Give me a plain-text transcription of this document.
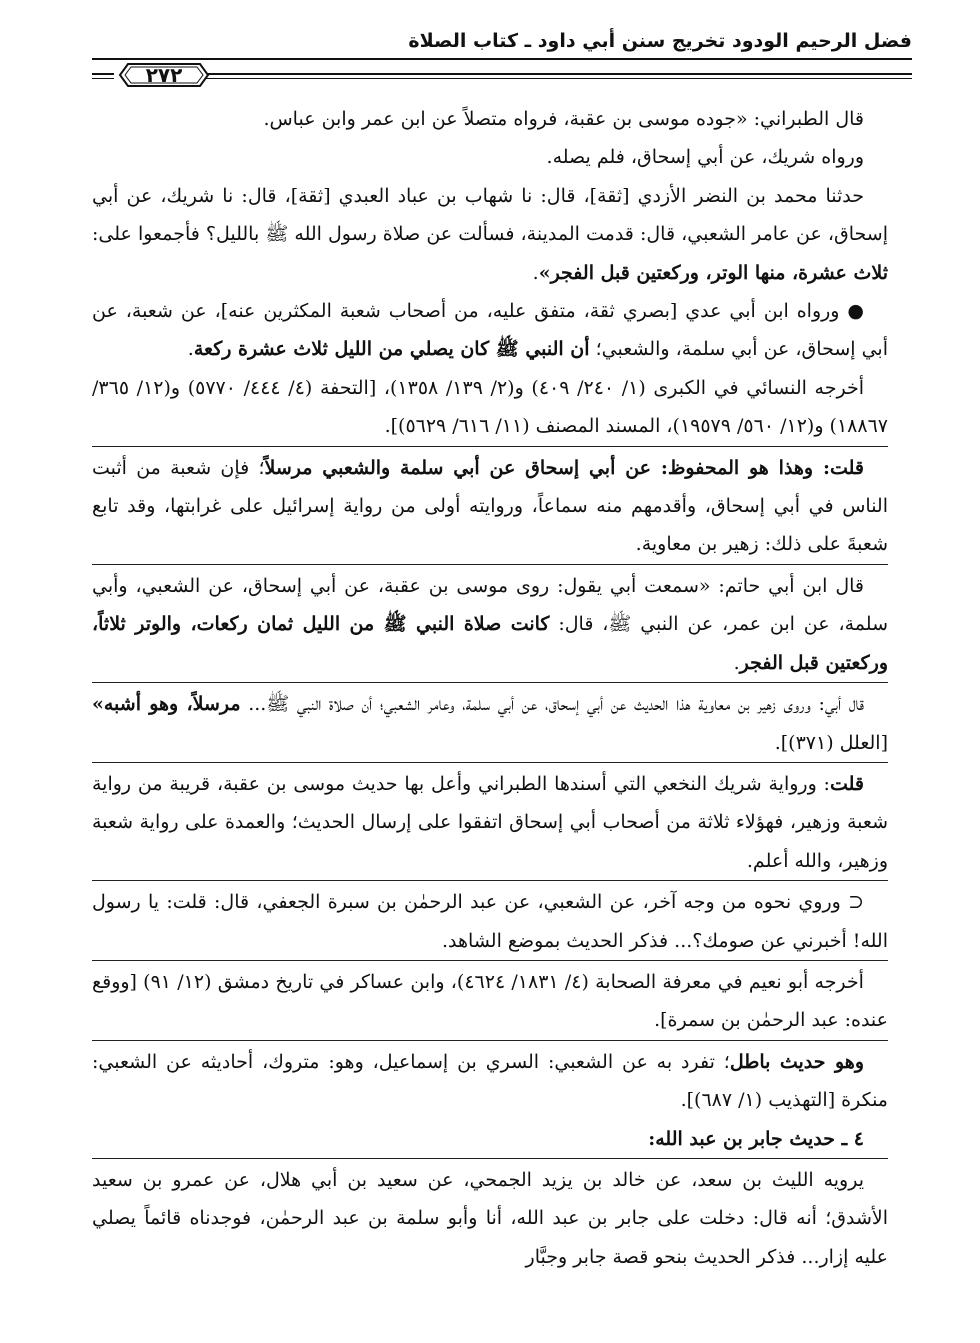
فضل الرحيم الودود تخريج سنن أبي داود ـ كتاب الصلاة
٢٧٢

قال الطبراني: «جوده موسى بن عقبة، فرواه متصلاً عن ابن عمر وابن عباس.

ورواه شريك، عن أبي إسحاق، فلم يصله.

حدثنا محمد بن النضر الأزدي [ثقة]، قال: نا شهاب بن عباد العبدي [ثقة]، قال: نا شريك، عن أبي إسحاق، عن عامر الشعبي، قال: قدمت المدينة، فسألت عن صلاة رسول الله ﷺ بالليل؟ فأجمعوا على: ثلاث عشرة، منها الوتر، وركعتين قبل الفجر».

● ورواه ابن أبي عدي [بصري ثقة، متفق عليه، من أصحاب شعبة المكثرين عنه]، عن شعبة، عن أبي إسحاق، عن أبي سلمة، والشعبي؛ أن النبي ﷺ كان يصلي من الليل ثلاث عشرة ركعة.

أخرجه النسائي في الكبرى (١/ ٢٤٠/ ٤٠٩) و(٢/ ١٣٩/ ١٣٥٨)، [التحفة (٤/ ٤٤٤/ ٥٧٧٠) و(١٢/ ٣٦٥/ ١٨٨٦٧) و(١٢/ ٥٦٠/ ١٩٥٧٩)، المسند المصنف (١١/ ٦١٦/ ٥٦٢٩)].

قلت: وهذا هو المحفوظ: عن أبي إسحاق عن أبي سلمة والشعبي مرسلاً؛ فإن شعبة من أثبت الناس في أبي إسحاق، وأقدمهم منه سماعاً، وروايته أولى من رواية إسرائيل على غرابتها، وقد تابع شعبةَ على ذلك: زهير بن معاوية.

قال ابن أبي حاتم: «سمعت أبي يقول: روى موسى بن عقبة، عن أبي إسحاق، عن الشعبي، وأبي سلمة، عن ابن عمر، عن النبي ﷺ، قال: كانت صلاة النبي ﷺ من الليل ثمان ركعات، والوتر ثلاثاً، وركعتين قبل الفجر.

قال أبي: وروى زهير بن معاوية هذا الحديث عن أبي إسحاق، عن أبي سلمة، وعامر الشعبي؛ أن صلاة النبي ﷺ... مرسلاً، وهو أشبه» [العلل (٣٧١)].

قلت: ورواية شريك النخعي التي أسندها الطبراني وأعل بها حديث موسى بن عقبة، قريبة من رواية شعبة وزهير، فهؤلاء ثلاثة من أصحاب أبي إسحاق اتفقوا على إرسال الحديث؛ والعمدة على رواية شعبة وزهير، والله أعلم.

⊂ وروي نحوه من وجه آخر، عن الشعبي، عن عبد الرحمٰن بن سبرة الجعفي، قال: قلت: يا رسول الله! أخبرني عن صومك؟... فذكر الحديث بموضع الشاهد.

أخرجه أبو نعيم في معرفة الصحابة (٤/ ١٨٣١/ ٤٦٢٤)، وابن عساكر في تاريخ دمشق (١٢/ ٩١) [ووقع عنده: عبد الرحمٰن بن سمرة].

وهو حديث باطل؛ تفرد به عن الشعبي: السري بن إسماعيل، وهو: متروك، أحاديثه عن الشعبي: منكرة [التهذيب (١/ ٦٨٧)].

٤ ـ حديث جابر بن عبد الله:

يرويه الليث بن سعد، عن خالد بن يزيد الجمحي، عن سعيد بن أبي هلال، عن عمرو بن سعيد الأشدق؛ أنه قال: دخلت على جابر بن عبد الله، أنا وأبو سلمة بن عبد الرحمٰن، فوجدناه قائماً يصلي عليه إزار... فذكر الحديث بنحو قصة جابر وجبَّار
